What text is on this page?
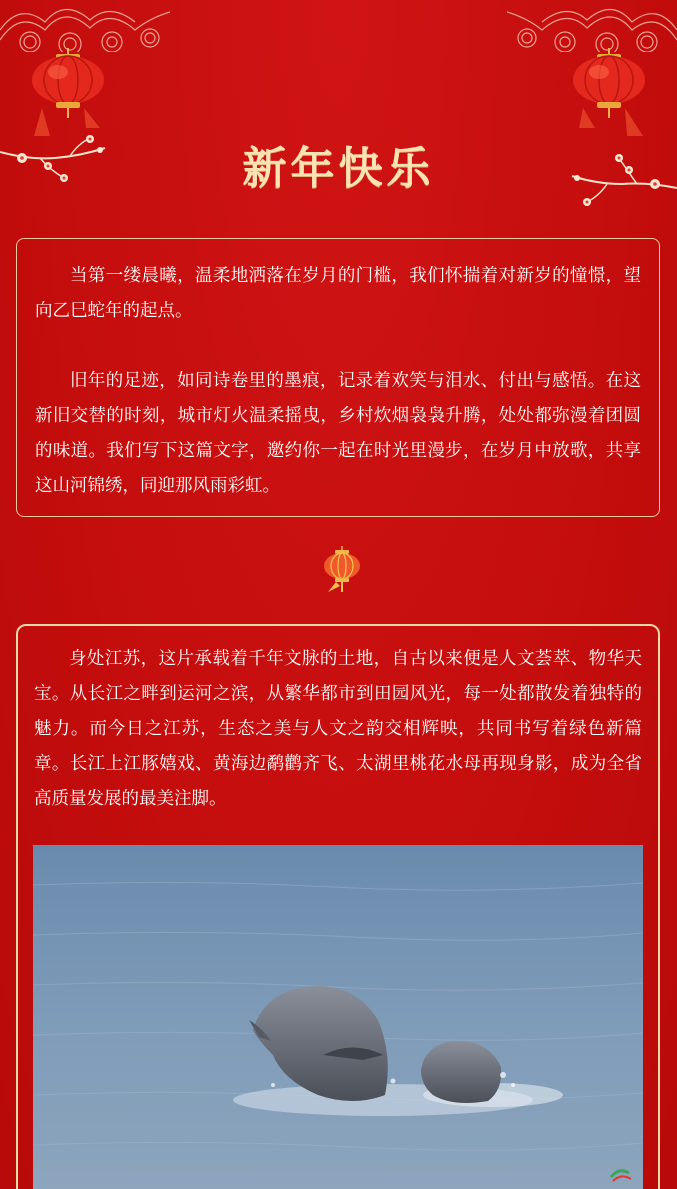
新年快乐

当第一缕晨曦，温柔地洒落在岁月的门槛，我们怀揣着对新岁的憧憬，望向乙巳蛇年的起点。

旧年的足迹，如同诗卷里的墨痕，记录着欢笑与泪水、付出与感悟。在这新旧交替的时刻，城市灯火温柔摇曳，乡村炊烟袅袅升腾，处处都弥漫着团圆的味道。我们写下这篇文字，邀约你一起在时光里漫步，在岁月中放歌，共享这山河锦绣，同迎那风雨彩虹。

身处江苏，这片承载着千年文脉的土地，自古以来便是人文荟萃、物华天宝。从长江之畔到运河之滨，从繁华都市到田园风光，每一处都散发着独特的魅力。而今日之江苏，生态之美与人文之韵交相辉映，共同书写着绿色新篇章。长江上江豚嬉戏、黄海边鹬鹳齐飞、太湖里桃花水母再现身影，成为全省高质量发展的最美注脚。
